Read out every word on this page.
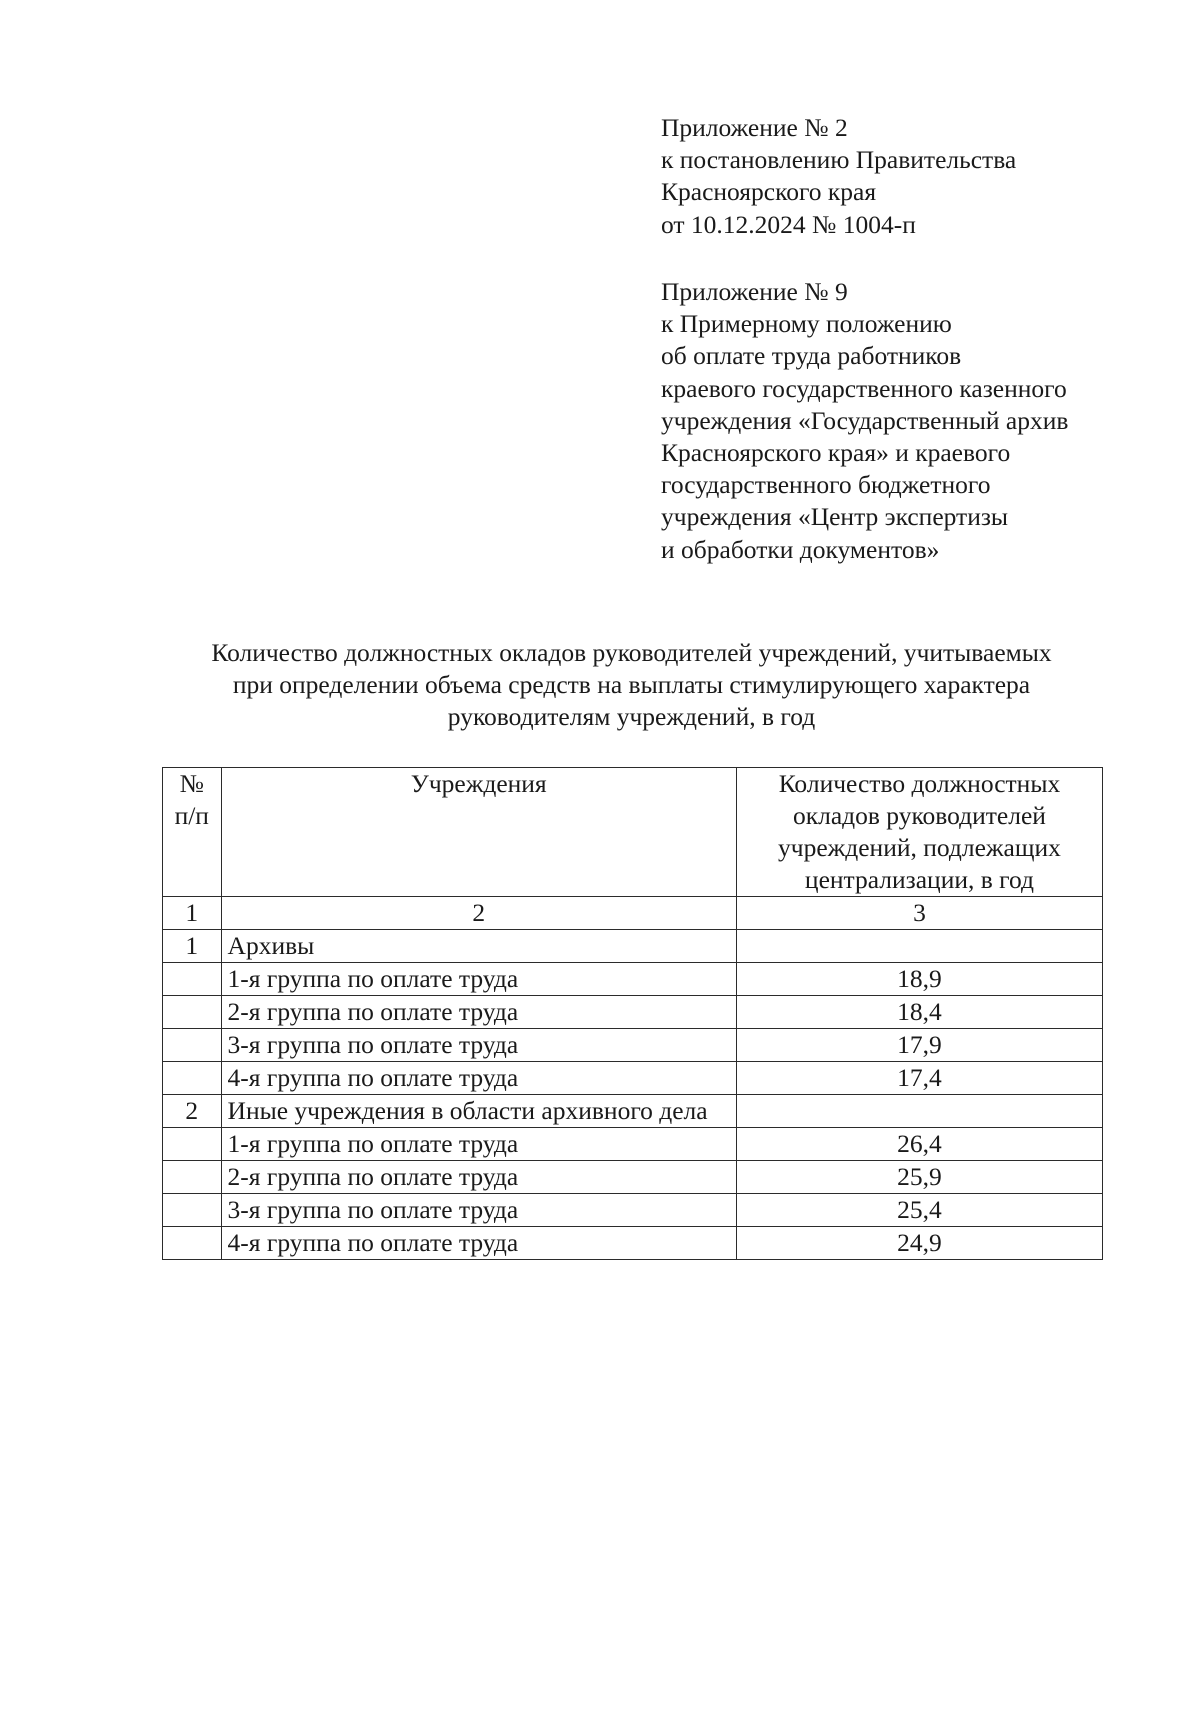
Приложение № 2
к постановлению Правительства
Красноярского края
от 10.12.2024 № 1004-п
Приложение № 9
к Примерному положению
об оплате труда работников
краевого государственного казенного
учреждения «Государственный архив
Красноярского края» и краевого
государственного бюджетного
учреждения «Центр экспертизы
и обработки документов»
Количество должностных окладов руководителей учреждений, учитываемых
при определении объема средств на выплаты стимулирующего характера
руководителям учреждений, в год
№ п/п	Учреждения	Количество должностных окладов руководителей учреждений, подлежащих централизации, в год
1	2	3
1	Архивы	
	1-я группа по оплате труда	18,9
	2-я группа по оплате труда	18,4
	3-я группа по оплате труда	17,9
	4-я группа по оплате труда	17,4
2	Иные учреждения в области архивного дела	
	1-я группа по оплате труда	26,4
	2-я группа по оплате труда	25,9
	3-я группа по оплате труда	25,4
	4-я группа по оплате труда	24,9
